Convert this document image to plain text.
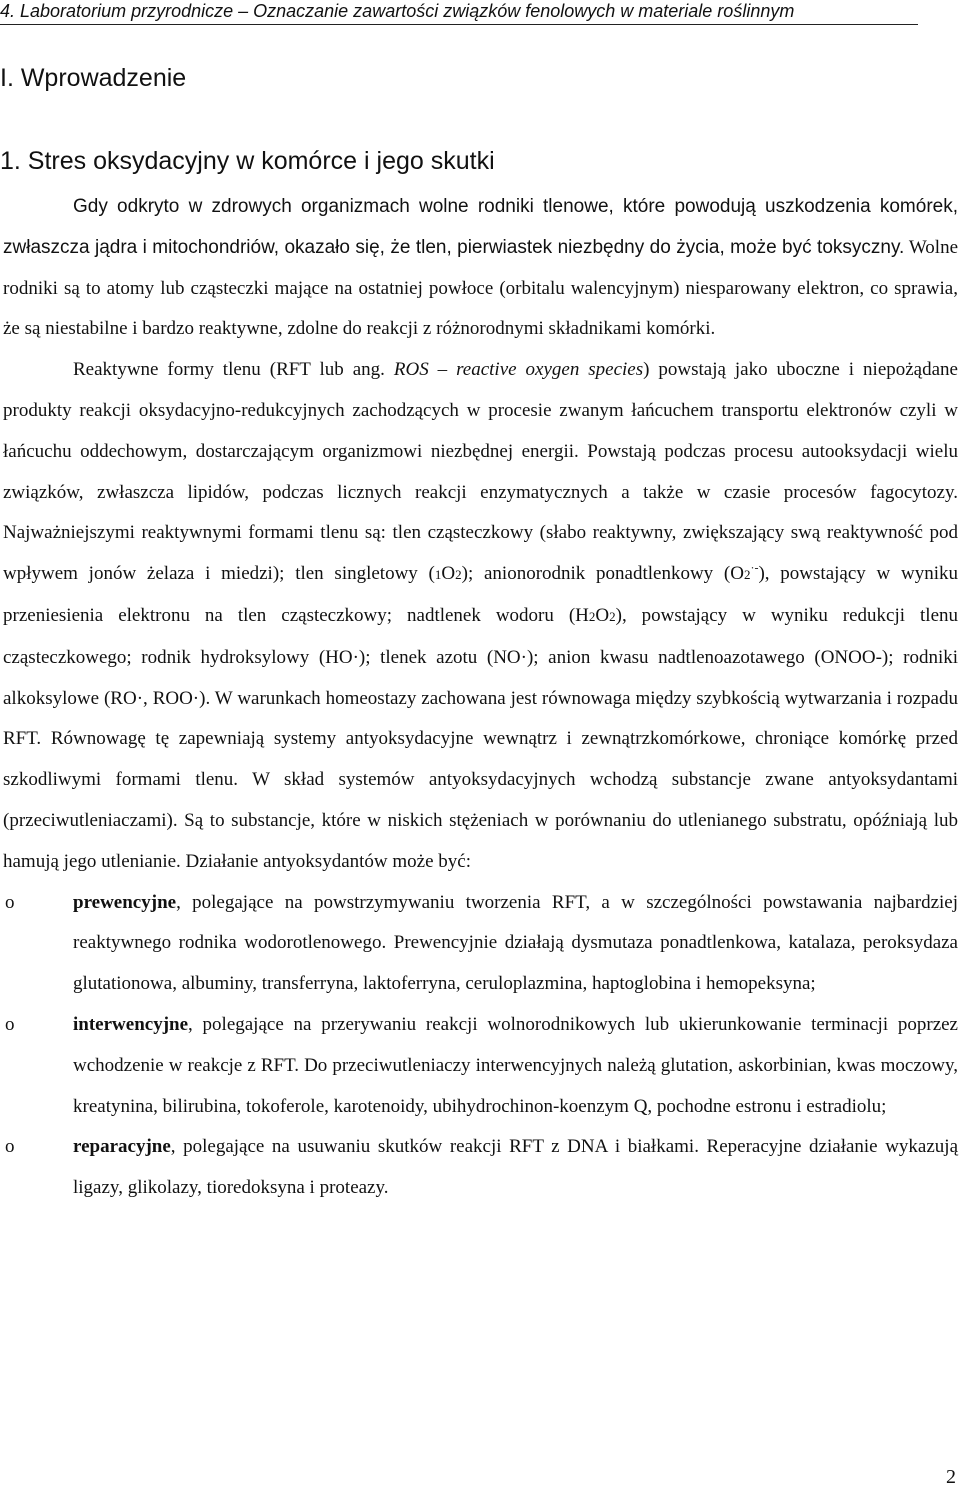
4. Laboratorium przyrodnicze – Oznaczanie zawartości związków fenolowych w materiale roślinnym
I. Wprowadzenie
1. Stres oksydacyjny w komórce i jego skutki

Gdy odkryto w zdrowych organizmach wolne rodniki tlenowe, które powodują uszkodzenia komórek, zwłaszcza jądra i mitochondriów, okazało się, że tlen, pierwiastek niezbędny do życia, może być toksyczny. Wolne rodniki są to atomy lub cząsteczki mające na ostatniej powłoce (orbitalu walencyjnym) niesparowany elektron, co sprawia, że są niestabilne i bardzo reaktywne, zdolne do reakcji z różnorodnymi składnikami komórki.

Reaktywne formy tlenu (RFT lub ang. ROS – reactive oxygen species) powstają jako uboczne i niepożądane produkty reakcji oksydacyjno-redukcyjnych zachodzących w procesie zwanym łańcuchem transportu elektronów czyli w łańcuchu oddechowym, dostarczającym organizmowi niezbędnej energii. Powstają podczas procesu autooksydacji wielu związków, zwłaszcza lipidów, podczas licznych reakcji enzymatycznych a także w czasie procesów fagocytozy. Najważniejszymi reaktywnymi formami tlenu są: tlen cząsteczkowy (słabo reaktywny, zwiększający swą reaktywność pod wpływem jonów żelaza i miedzi); tlen singletowy (1O2); anionorodnik ponadtlenkowy (O2·-), powstający w wyniku przeniesienia elektronu na tlen cząsteczkowy; nadtlenek wodoru (H2O2), powstający w wyniku redukcji tlenu cząsteczkowego; rodnik hydroksylowy (HO·); tlenek azotu (NO·); anion kwasu nadtlenoazotawego (ONOO-); rodniki alkoksylowe (RO·, ROO·). W warunkach homeostazy zachowana jest równowaga między szybkością wytwarzania i rozpadu RFT. Równowagę tę zapewniają systemy antyoksydacyjne wewnątrz i zewnątrzkomórkowe, chroniące komórkę przed szkodliwymi formami tlenu. W skład systemów antyoksydacyjnych wchodzą substancje zwane antyoksydantami (przeciwutleniaczami). Są to substancje, które w niskich stężeniach w porównaniu do utlenianego substratu, opóźniają lub hamują jego utlenianie. Działanie antyoksydantów może być:

o	prewencyjne, polegające na powstrzymywaniu tworzenia RFT, a w szczególności powstawania najbardziej reaktywnego rodnika wodorotlenowego. Prewencyjnie działają dysmutaza ponadtlenkowa, katalaza, peroksydaza glutationowa, albuminy, transferryna, laktoferryna, ceruloplazmina, haptoglobina i hemopeksyna;
o	interwencyjne, polegające na przerywaniu reakcji wolnorodnikowych lub ukierunkowanie terminacji poprzez wchodzenie w reakcje z RFT. Do przeciwutleniaczy interwencyjnych należą glutation, askorbinian, kwas moczowy, kreatynina, bilirubina, tokoferole, karotenoidy, ubihydrochinon-koenzym Q, pochodne estronu i estradiolu;
o	reparacyjne, polegające na usuwaniu skutków reakcji RFT z DNA i białkami. Reperacyjne działanie wykazują ligazy, glikolazy, tioredoksyna i proteazy.
2
